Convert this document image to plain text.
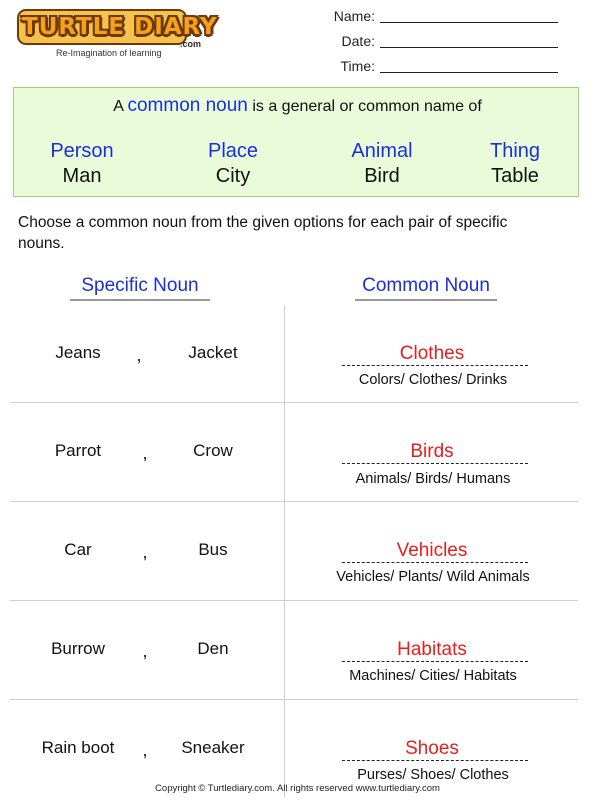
TURTLE DIARY
.com
Re-Imagination of learning
Name:
Date:
Time:
A common noun is a general or common name of
Person
Man
Place
City
Animal
Bird
Thing
Table
Choose a common noun from the given options for each pair of specific nouns.
Specific Noun	Common Noun
Jeans	,	Jacket	Clothes
Colors/ Clothes/ Drinks
Parrot	,	Crow	Birds
Animals/ Birds/ Humans
Car	,	Bus	Vehicles
Vehicles/ Plants/ Wild Animals
Burrow	,	Den	Habitats
Machines/ Cities/ Habitats
Rain boot	,	Sneaker	Shoes
Purses/ Shoes/ Clothes
Copyright © Turtlediary.com. All rights reserved www.turtlediary.com
